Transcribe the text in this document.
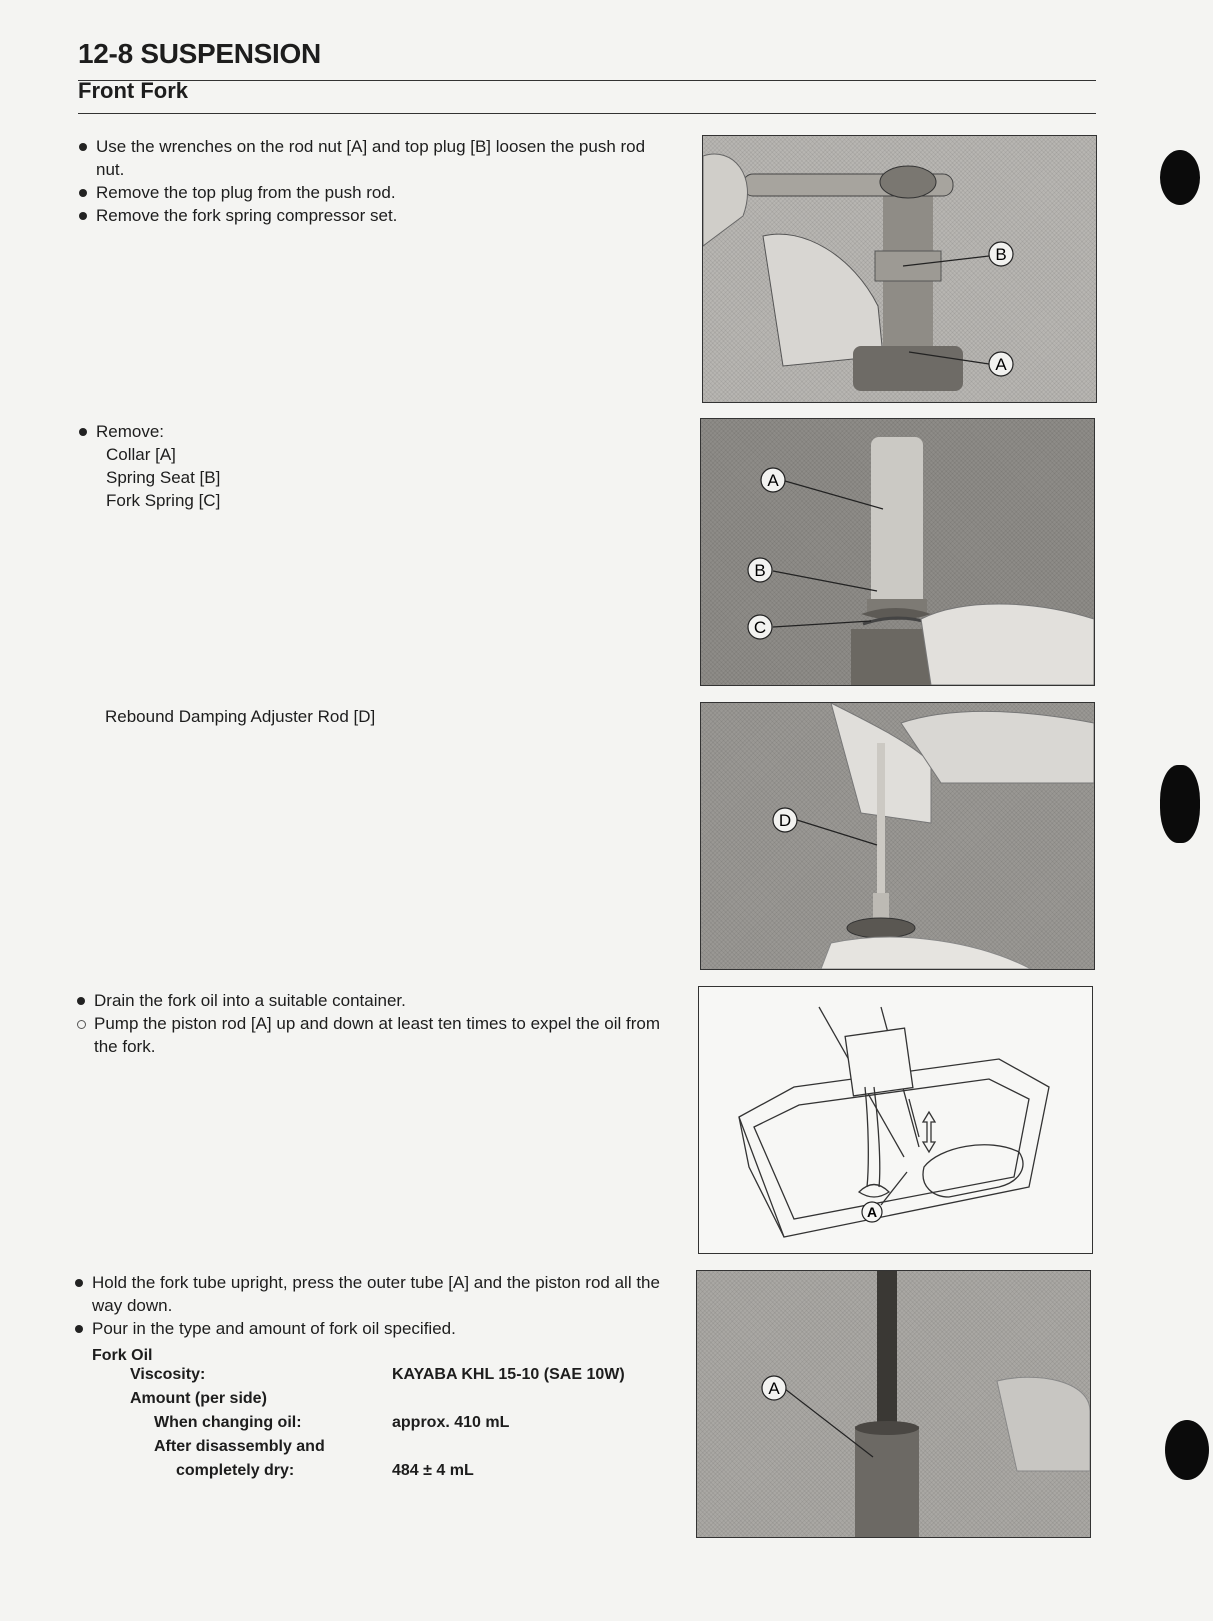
12-8 SUSPENSION
Front Fork
Use the wrenches on the rod nut [A] and top plug [B] loosen the push rod nut.
Remove the top plug from the push rod.
Remove the fork spring compressor set.
Remove:
Collar [A]
Spring Seat [B]
Fork Spring [C]
Rebound Damping Adjuster Rod [D]
Drain the fork oil into a suitable container.
Pump the piston rod [A] up and down at least ten times to expel the oil from the fork.
Hold the fork tube upright, press the outer tube [A] and the piston rod all the way down.
Pour in the type and amount of fork oil specified.
Fork Oil
Viscosity:	KAYABA KHL 15-10 (SAE 10W)
Amount (per side)
When changing oil:	approx. 410 mL
After disassembly and
completely dry:	484 ± 4 mL
B
A
A
B
C
D
A
A
